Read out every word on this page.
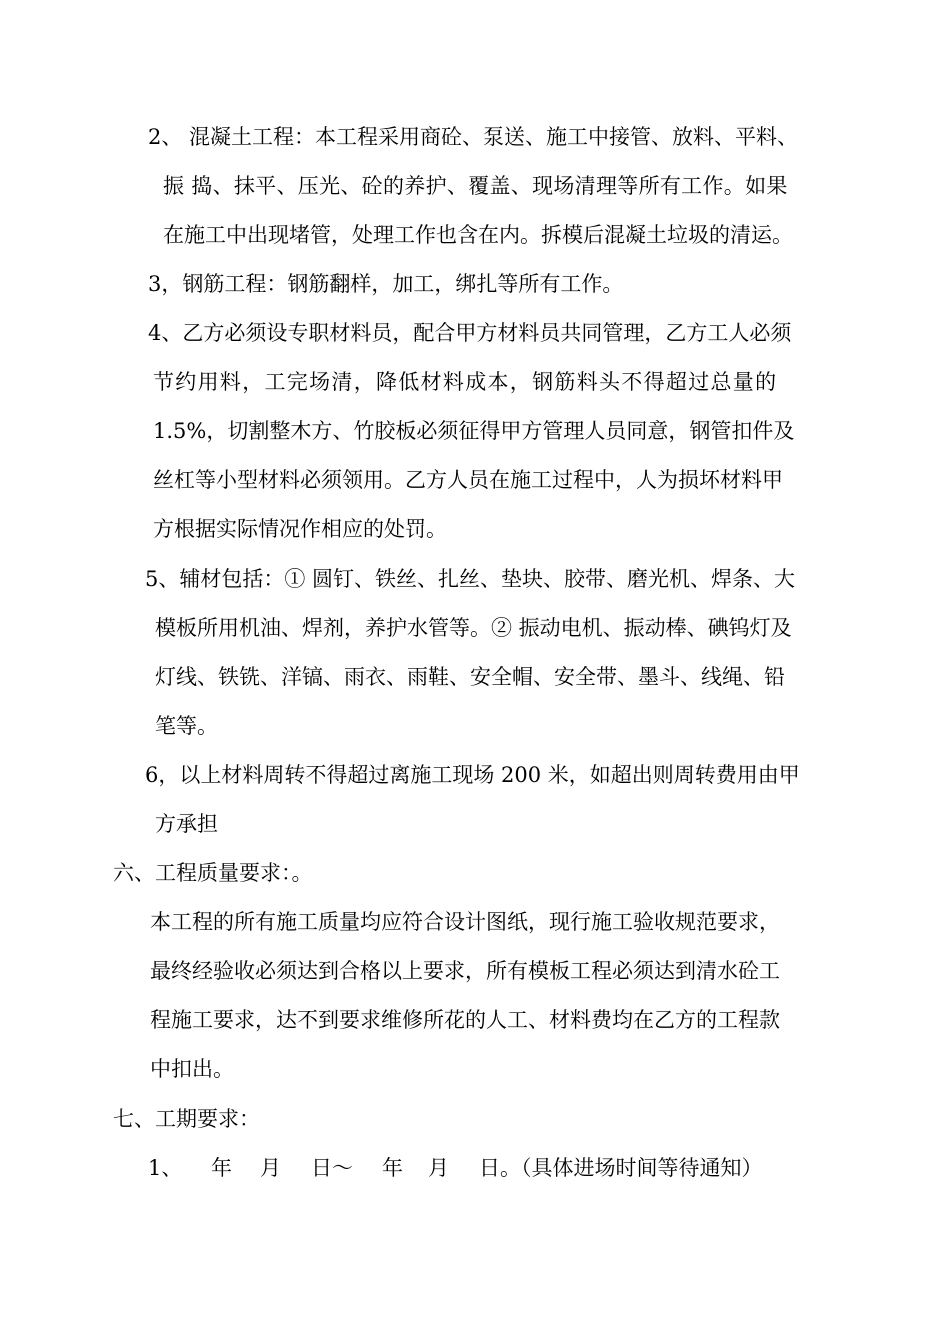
2、 混凝土工程：本工程采用商砼、泵送、施工中接管、放料、平料、
振 捣、抹平、压光、砼的养护、覆盖、现场清理等所有工作。如果
在施工中出现堵管，处理工作也含在内。拆模后混凝土垃圾的清运。
3，钢筋工程：钢筋翻样，加工，绑扎等所有工作。
4、乙方必须设专职材料员，配合甲方材料员共同管理，乙方工人必须
节约用料，工完场清，降低材料成本，钢筋料头不得超过总量的
1.5%，切割整木方、竹胶板必须征得甲方管理人员同意，钢管扣件及
丝杠等小型材料必须领用。乙方人员在施工过程中，人为损坏材料甲
方根据实际情况作相应的处罚。
5、辅材包括：① 圆钉、铁丝、扎丝、垫块、胶带、磨光机、焊条、大
模板所用机油、焊剂，养护水管等。② 振动电机、振动棒、碘钨灯及
灯线、铁铣、洋镐、雨衣、雨鞋、安全帽、安全带、墨斗、线绳、铅
笔等。
6，以上材料周转不得超过离施工现场 200 米，如超出则周转费用由甲
方承担
六、工程质量要求：。
本工程的所有施工质量均应符合设计图纸，现行施工验收规范要求，
最终经验收必须达到合格以上要求，所有模板工程必须达到清水砼工
程施工要求，达不到要求维修所花的人工、材料费均在乙方的工程款
中扣出。
七、工期要求：
1、 年 月 日～ 年 月 日。（具体进场时间等待通知）
